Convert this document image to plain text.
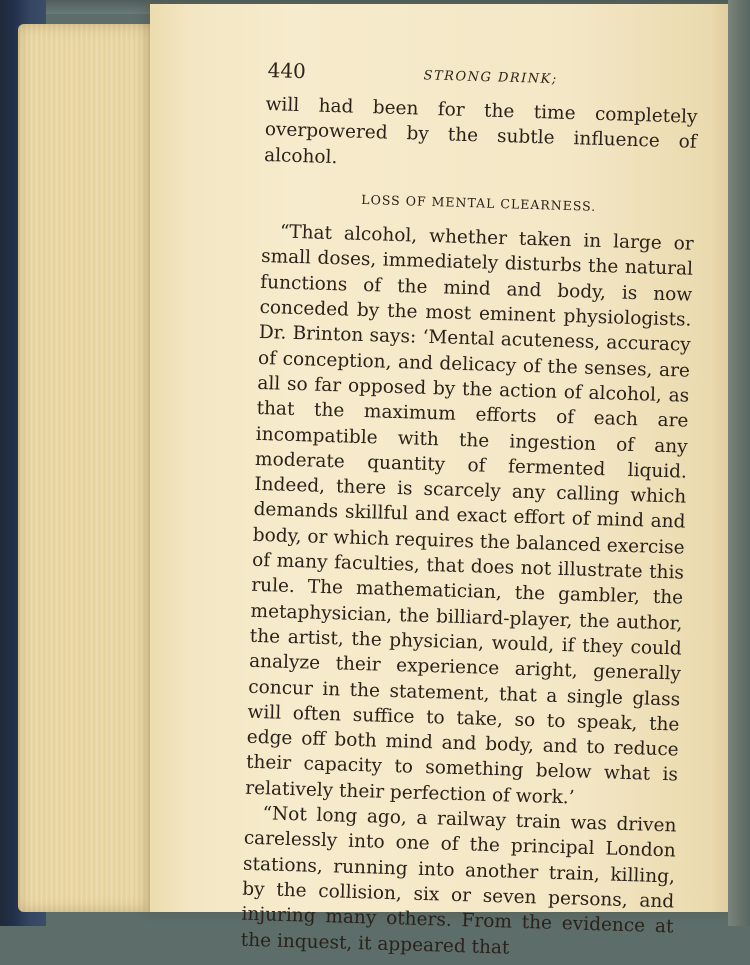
440	STRONG DRINK;

will had been for the time completely overpowered by the subtle influence of alcohol.

LOSS OF MENTAL CLEARNESS.

“That alcohol, whether taken in large or small doses, immediately disturbs the natural functions of the mind and body, is now conceded by the most eminent physiologists. Dr. Brinton says: ‘Mental acuteness, accuracy of conception, and delicacy of the senses, are all so far opposed by the action of alcohol, as that the maximum efforts of each are incompatible with the ingestion of any moderate quantity of fermented liquid. Indeed, there is scarcely any calling which demands skillful and exact effort of mind and body, or which requires the balanced exercise of many faculties, that does not illustrate this rule. The mathematician, the gambler, the metaphysician, the billiard-player, the author, the artist, the physician, would, if they could analyze their experience aright, generally concur in the statement, that a single glass will often suffice to take, so to speak, the edge off both mind and body, and to reduce their capacity to something below what is relatively their perfection of work.’

“Not long ago, a railway train was driven carelessly into one of the principal London stations, running into another train, killing, by the collision, six or seven persons, and injuring many others. From the evidence at the inquest, it appeared that
